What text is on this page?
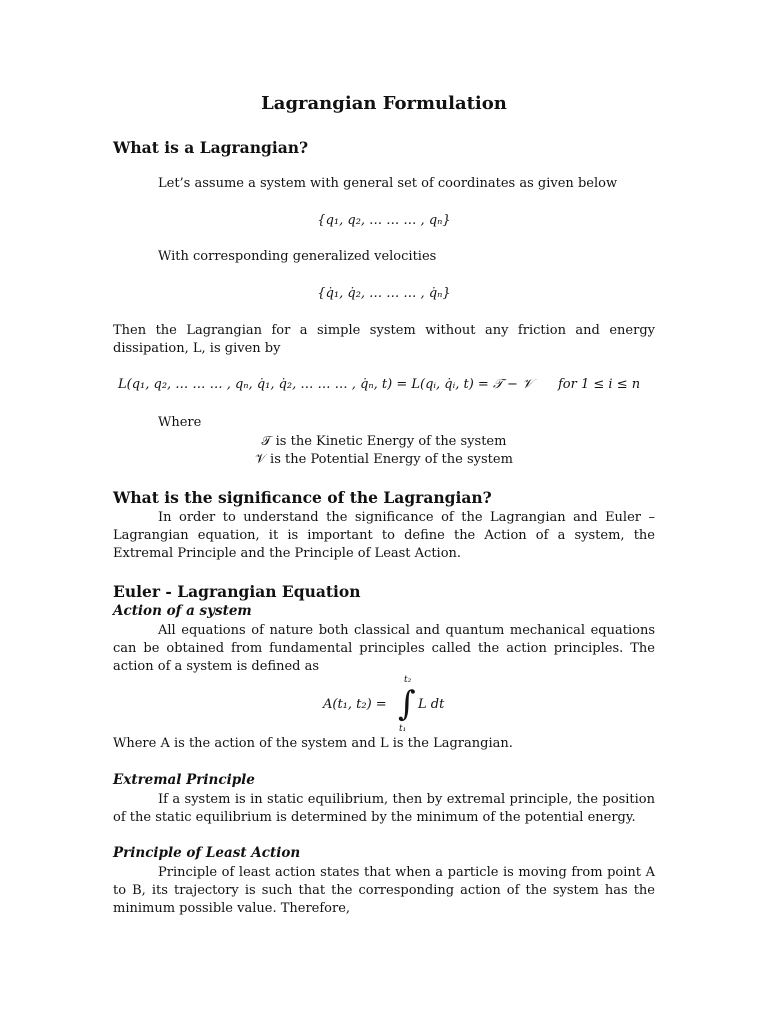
Lagrangian Formulation
What is a Lagrangian?
Let’s assume a system with general set of coordinates as given below
{q₁, q₂, … … … , qₙ}
With corresponding generalized velocities
{q̇₁, q̇₂, … … … , q̇ₙ}
Then the Lagrangian for a simple system without any friction and energy dissipation, L, is given by
L(q₁, q₂, … … … , qₙ, q̇₁, q̇₂, … … … , q̇ₙ, t) = L(qᵢ, q̇ᵢ, t) = 𝒯 − 𝒱 for 1 ≤ i ≤ n
Where
𝒯 is the Kinetic Energy of the system
𝒱 is the Potential Energy of the system
What is the significance of the Lagrangian?
In order to understand the significance of the Lagrangian and Euler – Lagrangian equation, it is important to define the Action of a system, the Extremal Principle and the Principle of Least Action.
Euler - Lagrangian Equation
Action of a system
All equations of nature both classical and quantum mechanical equations can be obtained from fundamental principles called the action principles. The action of a system is defined as
A(t₁, t₂) = ∫
t₂
t₁
L dt
Where A is the action of the system and L is the Lagrangian.
Extremal Principle
If a system is in static equilibrium, then by extremal principle, the position of the static equilibrium is determined by the minimum of the potential energy.
Principle of Least Action
Principle of least action states that when a particle is moving from point A to B, its trajectory is such that the corresponding action of the system has the minimum possible value. Therefore,
